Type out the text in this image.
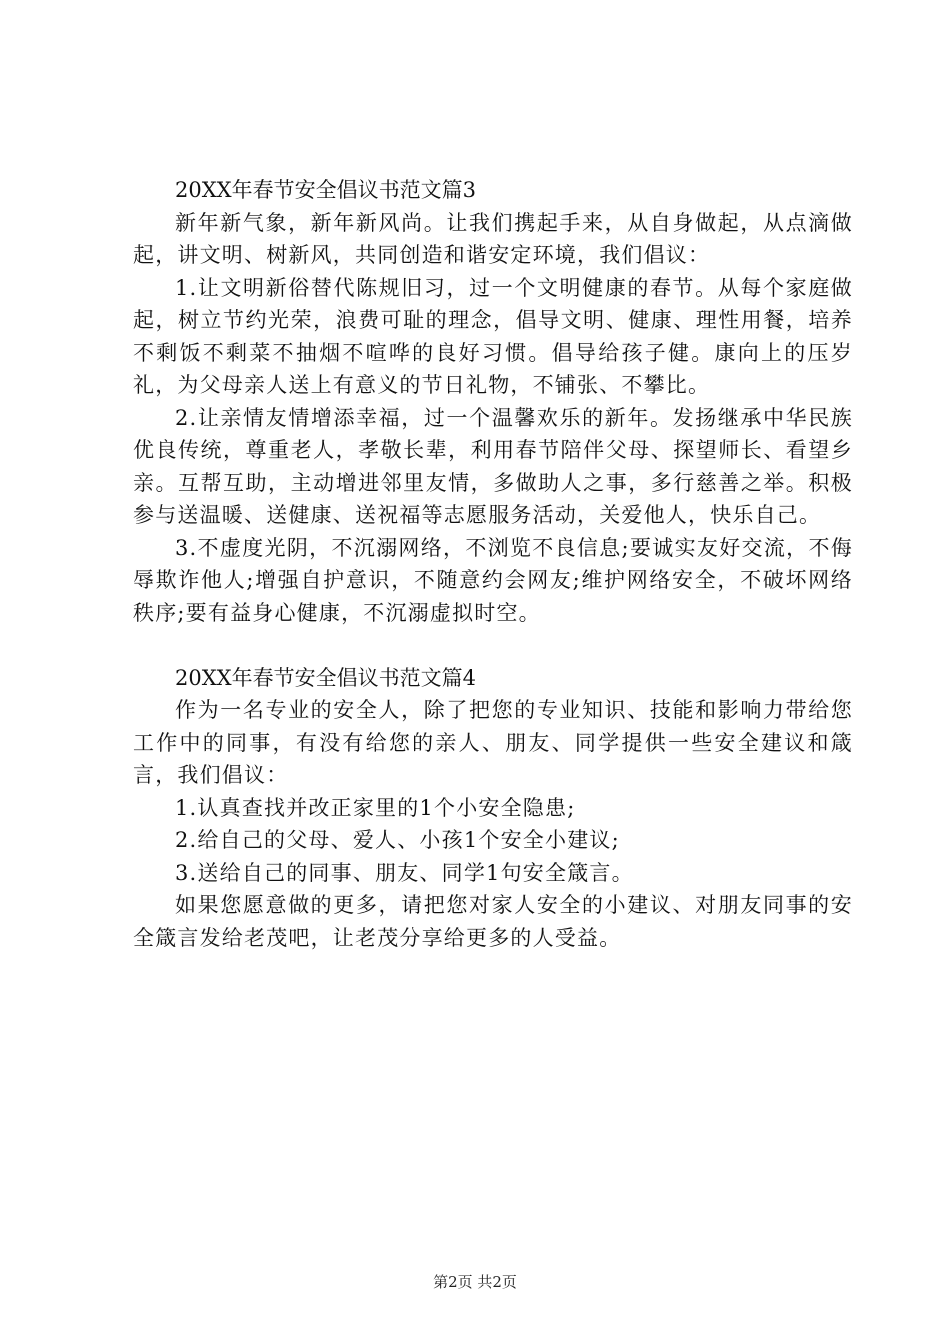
20XX年春节安全倡议书范文篇3

新年新气象，新年新风尚。让我们携起手来，从自身做起，从点滴做起，讲文明、树新风，共同创造和谐安定环境，我们倡议：

1.让文明新俗替代陈规旧习，过一个文明健康的春节。从每个家庭做起，树立节约光荣，浪费可耻的理念，倡导文明、健康、理性用餐，培养不剩饭不剩菜不抽烟不喧哗的良好习惯。倡导给孩子健。康向上的压岁礼，为父母亲人送上有意义的节日礼物，不铺张、不攀比。

2.让亲情友情增添幸福，过一个温馨欢乐的新年。发扬继承中华民族优良传统，尊重老人，孝敬长辈，利用春节陪伴父母、探望师长、看望乡亲。互帮互助，主动增进邻里友情，多做助人之事，多行慈善之举。积极参与送温暖、送健康、送祝福等志愿服务活动，关爱他人，快乐自己。

3.不虚度光阴，不沉溺网络，不浏览不良信息;要诚实友好交流，不侮辱欺诈他人;增强自护意识，不随意约会网友;维护网络安全，不破坏网络秩序;要有益身心健康，不沉溺虚拟时空。

20XX年春节安全倡议书范文篇4

作为一名专业的安全人，除了把您的专业知识、技能和影响力带给您工作中的同事，有没有给您的亲人、朋友、同学提供一些安全建议和箴言，我们倡议：

1.认真查找并改正家里的1个小安全隐患;

2.给自己的父母、爱人、小孩1个安全小建议;

3.送给自己的同事、朋友、同学1句安全箴言。

如果您愿意做的更多，请把您对家人安全的小建议、对朋友同事的安全箴言发给老茂吧，让老茂分享给更多的人受益。

第2页 共2页
